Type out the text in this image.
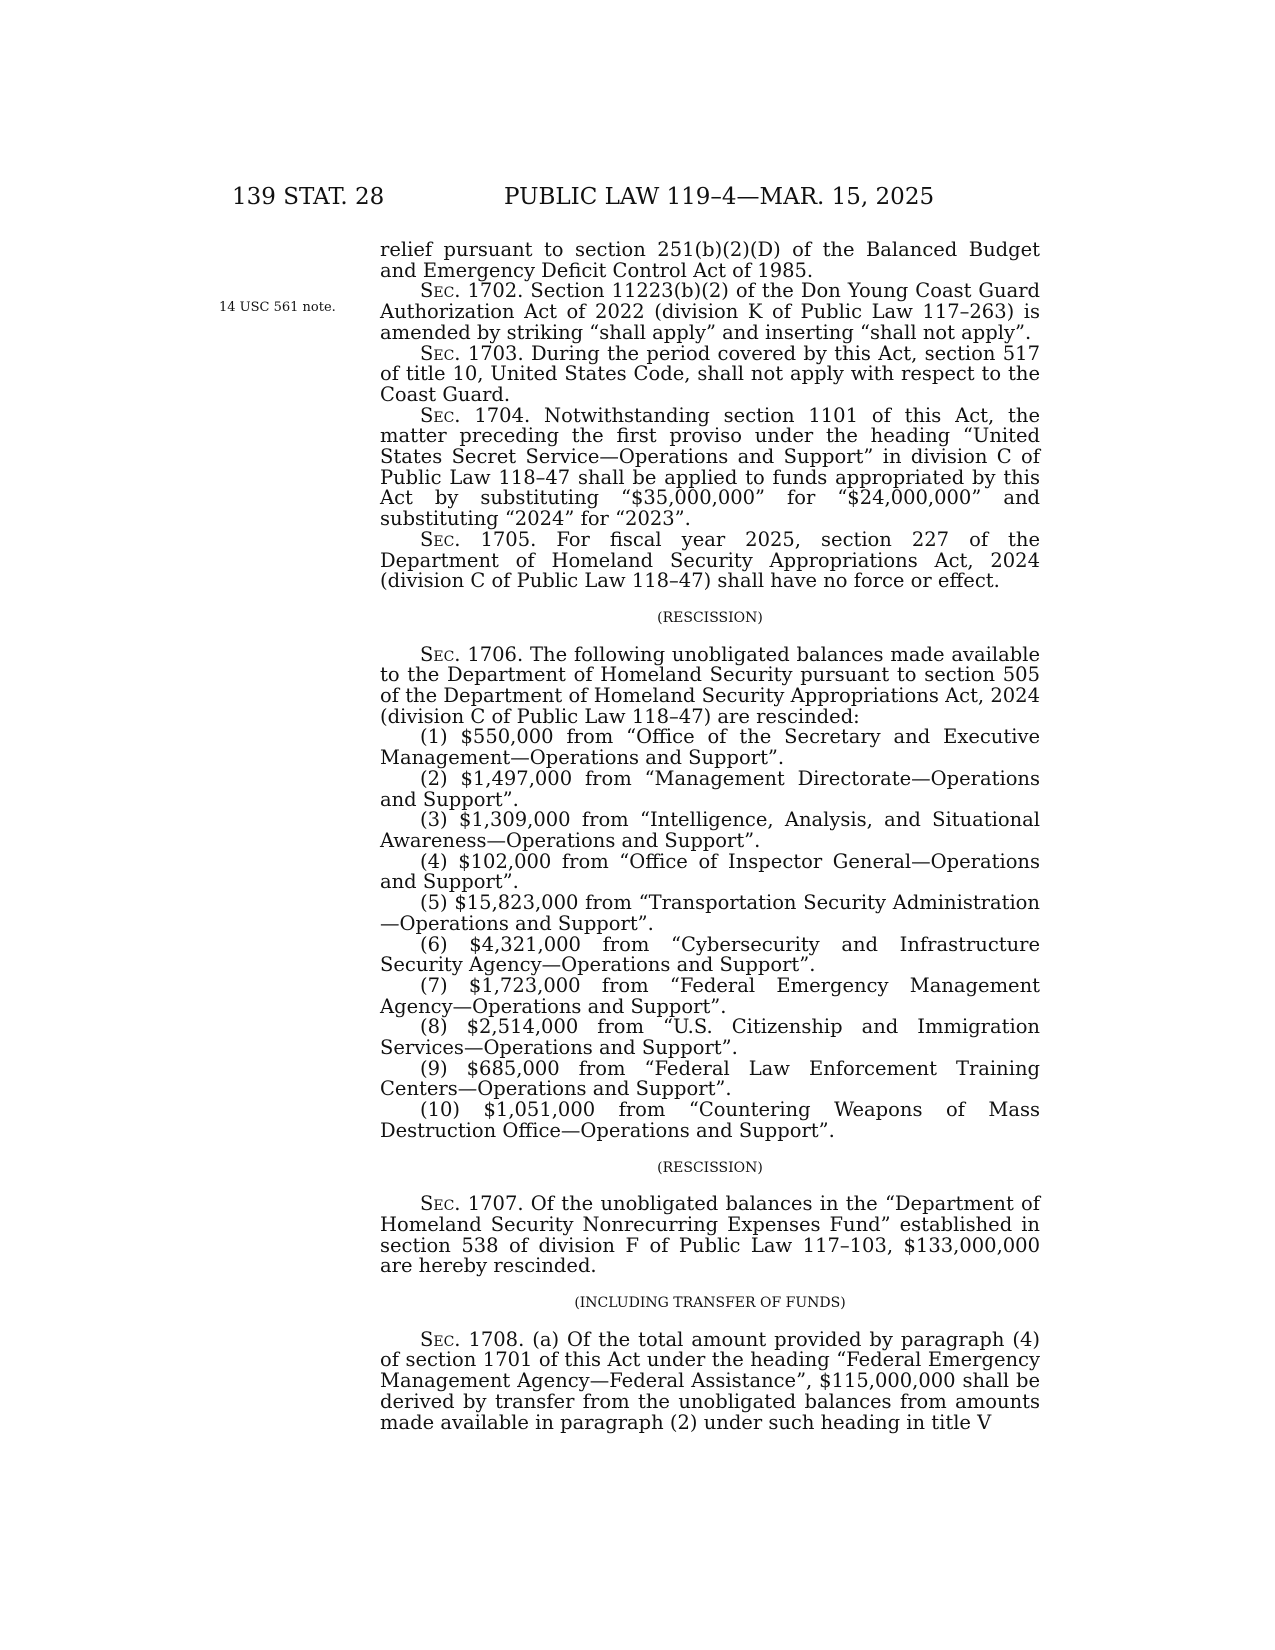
139 STAT. 28	PUBLIC LAW 119–4—MAR. 15, 2025
14 USC 561 note.

relief pursuant to section 251(b)(2)(D) of the Balanced Budget and Emergency Deficit Control Act of 1985.

Sec. 1702. Section 11223(b)(2) of the Don Young Coast Guard Authorization Act of 2022 (division K of Public Law 117–263) is amended by striking “shall apply” and inserting “shall not apply”.

Sec. 1703. During the period covered by this Act, section 517 of title 10, United States Code, shall not apply with respect to the Coast Guard.

Sec. 1704. Notwithstanding section 1101 of this Act, the matter preceding the first proviso under the heading “United States Secret Service—Operations and Support” in division C of Public Law 118–47 shall be applied to funds appropriated by this Act by substituting “$35,000,000” for “$24,000,000” and substituting “2024” for “2023”.

Sec. 1705. For fiscal year 2025, section 227 of the Department of Homeland Security Appropriations Act, 2024 (division C of Public Law 118–47) shall have no force or effect.

(RESCISSION)

Sec. 1706. The following unobligated balances made available to the Department of Homeland Security pursuant to section 505 of the Department of Homeland Security Appropriations Act, 2024 (division C of Public Law 118–47) are rescinded:

(1) $550,000 from “Office of the Secretary and Executive Management—Operations and Support”.

(2) $1,497,000 from “Management Directorate—Operations and Support”.

(3) $1,309,000 from “Intelligence, Analysis, and Situational Awareness—Operations and Support”.

(4) $102,000 from “Office of Inspector General—Operations and Support”.

(5) $15,823,000 from “Transportation Security Administration—Operations and Support”.

(6) $4,321,000 from “Cybersecurity and Infrastructure Security Agency—Operations and Support”.

(7) $1,723,000 from “Federal Emergency Management Agency—Operations and Support”.

(8) $2,514,000 from “U.S. Citizenship and Immigration Services—Operations and Support”.

(9) $685,000 from “Federal Law Enforcement Training Centers—Operations and Support”.

(10) $1,051,000 from “Countering Weapons of Mass Destruction Office—Operations and Support”.

(RESCISSION)

Sec. 1707. Of the unobligated balances in the “Department of Homeland Security Nonrecurring Expenses Fund” established in section 538 of division F of Public Law 117–103, $133,000,000 are hereby rescinded.

(INCLUDING TRANSFER OF FUNDS)

Sec. 1708. (a) Of the total amount provided by paragraph (4) of section 1701 of this Act under the heading “Federal Emergency Management Agency—Federal Assistance”, $115,000,000 shall be derived by transfer from the unobligated balances from amounts made available in paragraph (2) under such heading in title V
